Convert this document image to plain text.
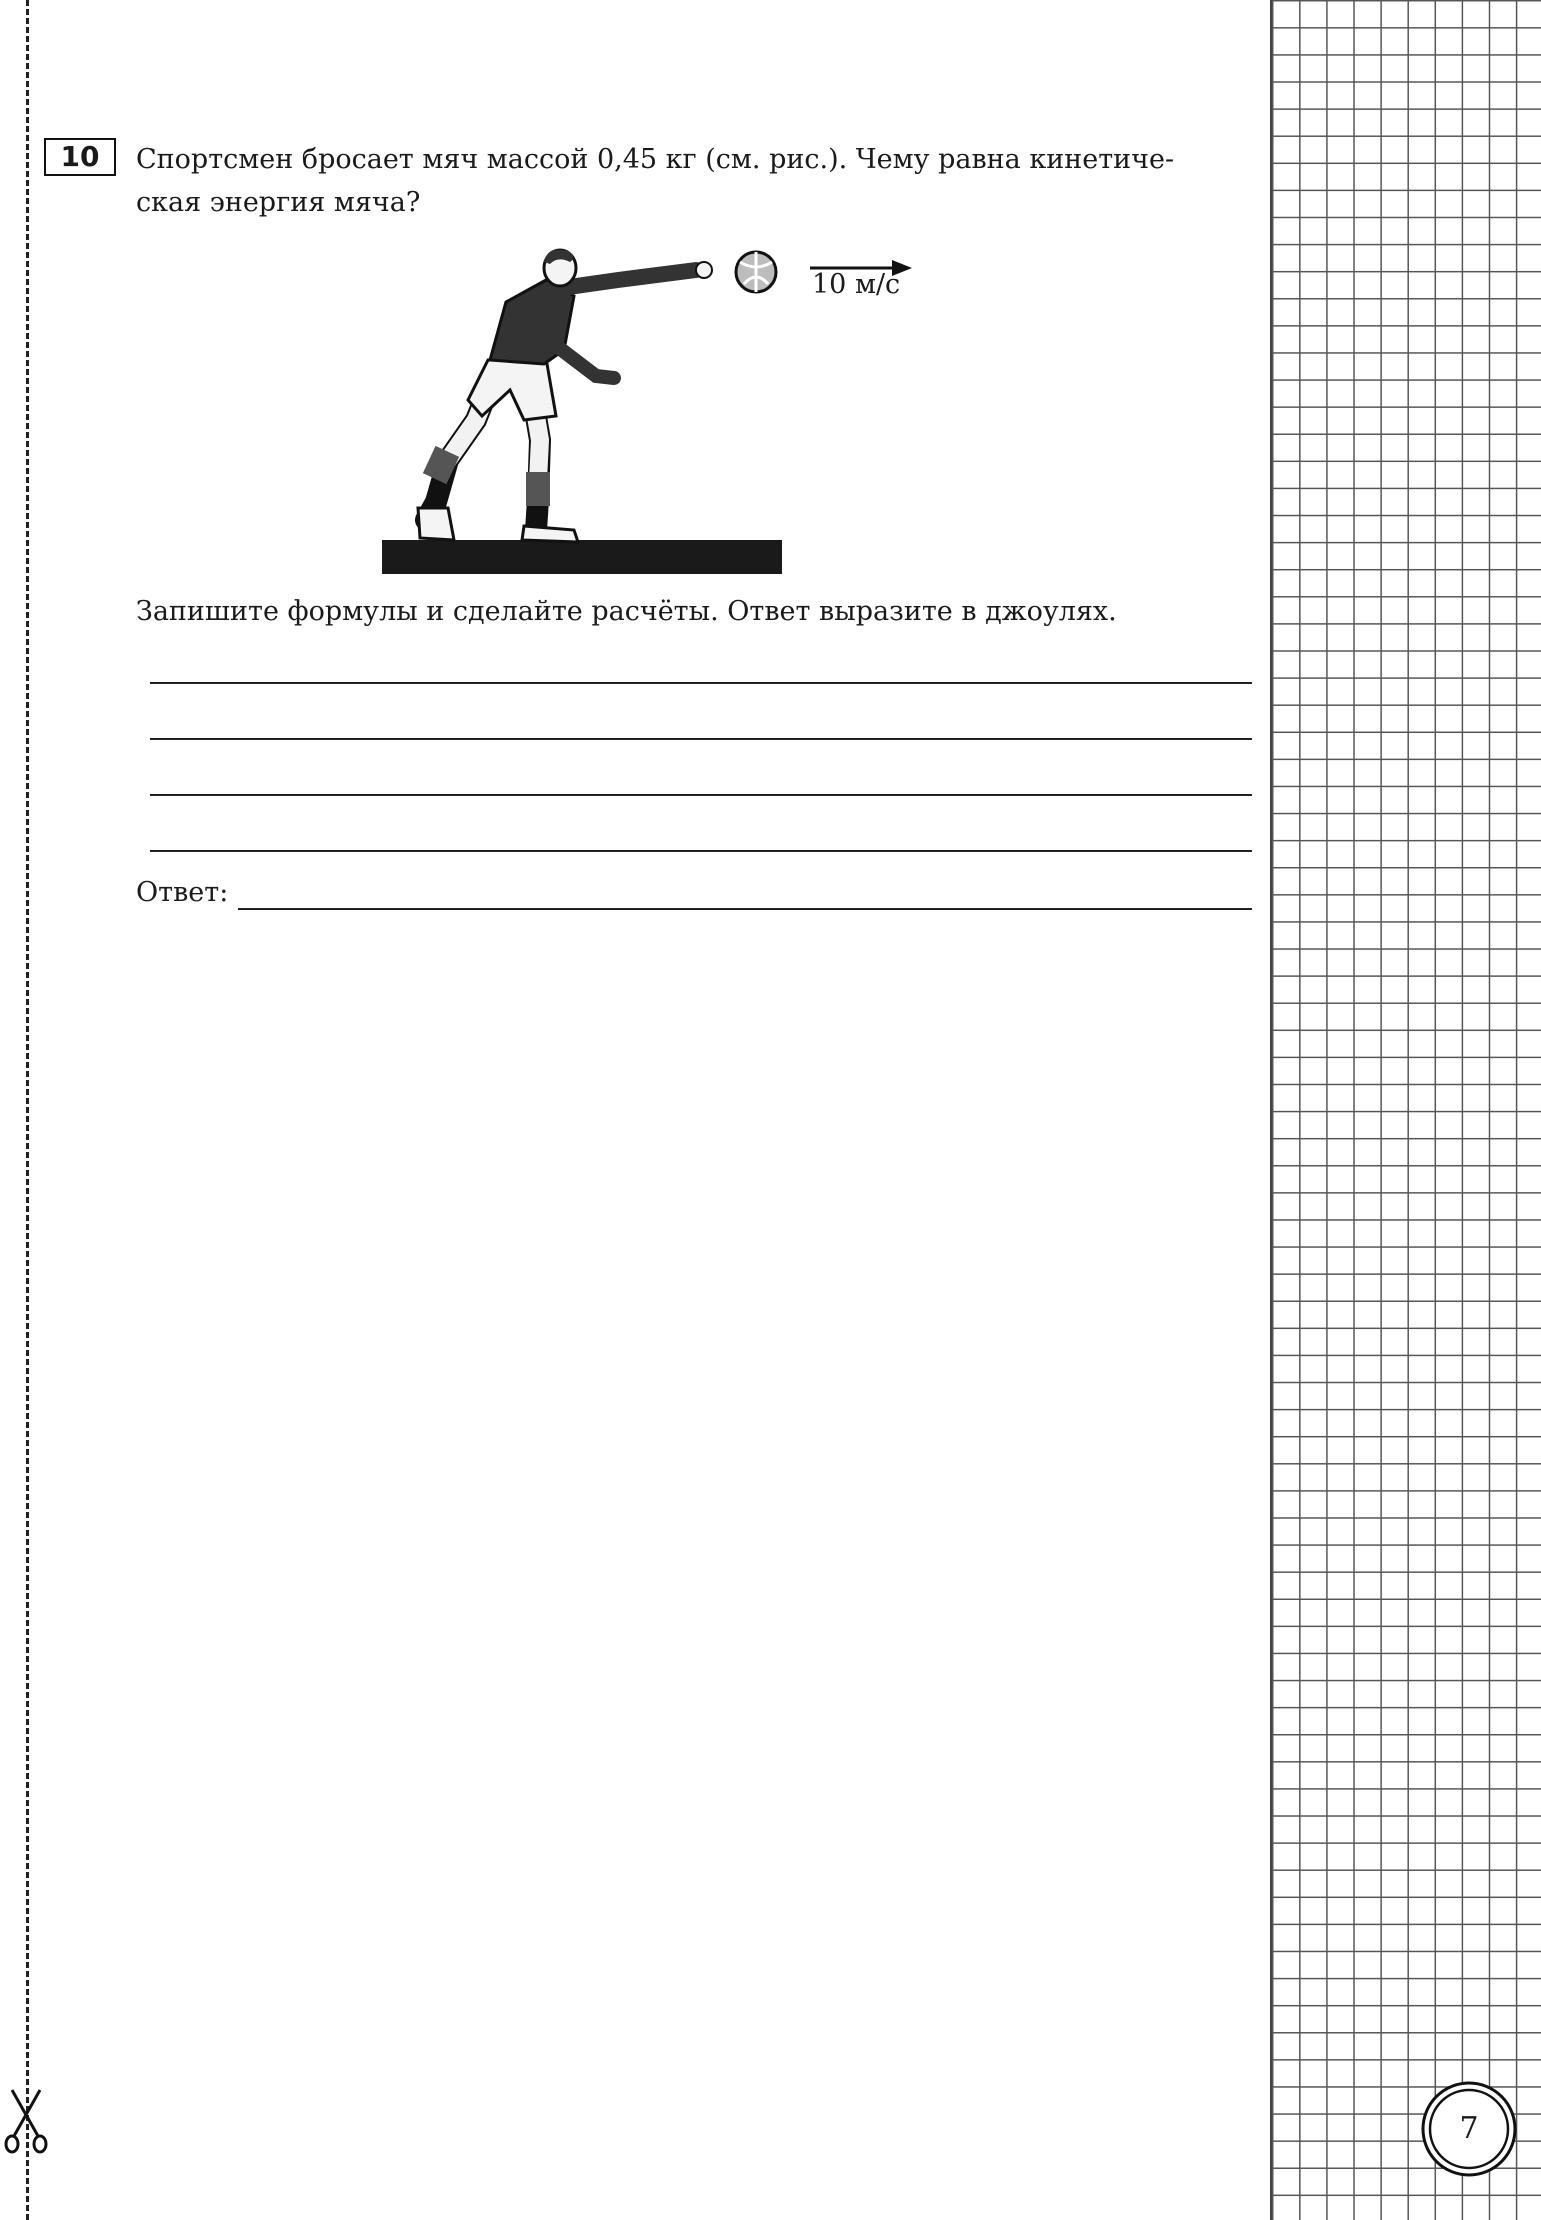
10	Спортсмен бросает мяч массой 0,45 кг (см. рис.). Чему равна кинетиче-
ская энергия мяча?

10 м/с

Запишите формулы и сделайте расчёты. Ответ выразите в джоулях.

Ответ:
7
